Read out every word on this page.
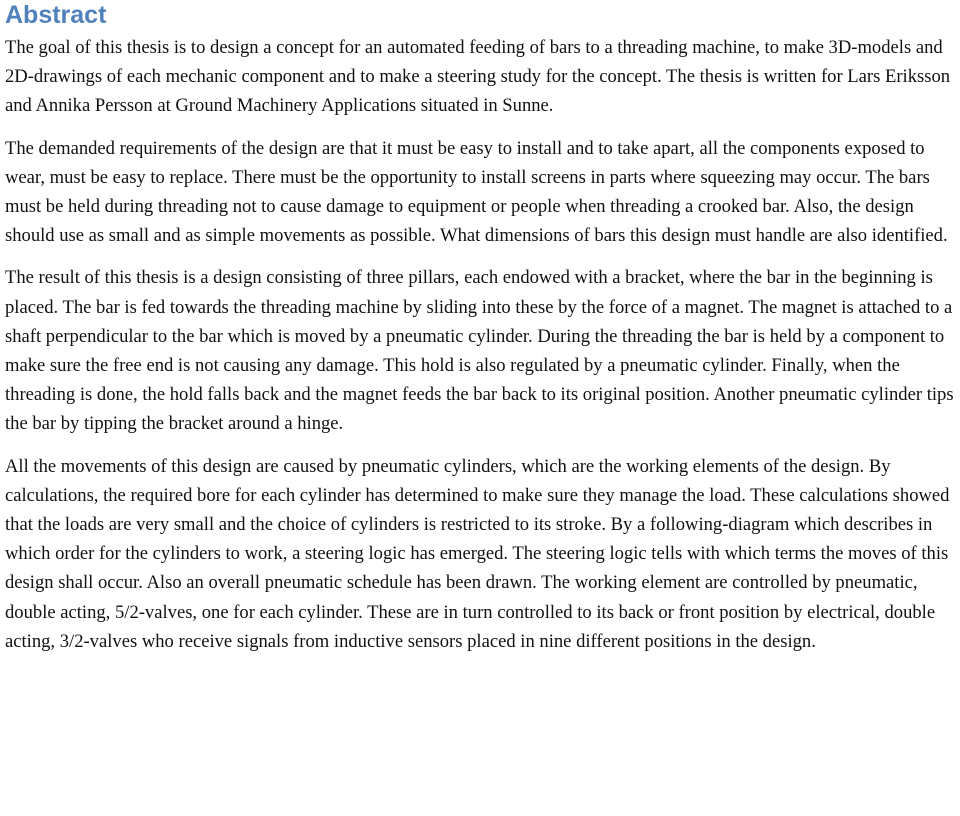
Abstract

The goal of this thesis is to design a concept for an automated feeding of bars to a threading machine, to make 3D-models and 2D-drawings of each mechanic component and to make a steering study for the concept. The thesis is written for Lars Eriksson and Annika Persson at Ground Machinery Applications situated in Sunne.

The demanded requirements of the design are that it must be easy to install and to take apart, all the components exposed to wear, must be easy to replace. There must be the opportunity to install screens in parts where squeezing may occur. The bars must be held during threading not to cause damage to equipment or people when threading a crooked bar. Also, the design should use as small and as simple movements as possible. What dimensions of bars this design must handle are also identified.

The result of this thesis is a design consisting of three pillars, each endowed with a bracket, where the bar in the beginning is placed. The bar is fed towards the threading machine by sliding into these by the force of a magnet. The magnet is attached to a shaft perpendicular to the bar which is moved by a pneumatic cylinder. During the threading the bar is held by a component to make sure the free end is not causing any damage. This hold is also regulated by a pneumatic cylinder. Finally, when the threading is done, the hold falls back and the magnet feeds the bar back to its original position. Another pneumatic cylinder tips the bar by tipping the bracket around a hinge.

All the movements of this design are caused by pneumatic cylinders, which are the working elements of the design. By calculations, the required bore for each cylinder has determined to make sure they manage the load. These calculations showed that the loads are very small and the choice of cylinders is restricted to its stroke. By a following-diagram which describes in which order for the cylinders to work, a steering logic has emerged. The steering logic tells with which terms the moves of this design shall occur. Also an overall pneumatic schedule has been drawn. The working element are controlled by pneumatic, double acting, 5/2-valves, one for each cylinder. These are in turn controlled to its back or front position by electrical, double acting, 3/2-valves who receive signals from inductive sensors placed in nine different positions in the design.
